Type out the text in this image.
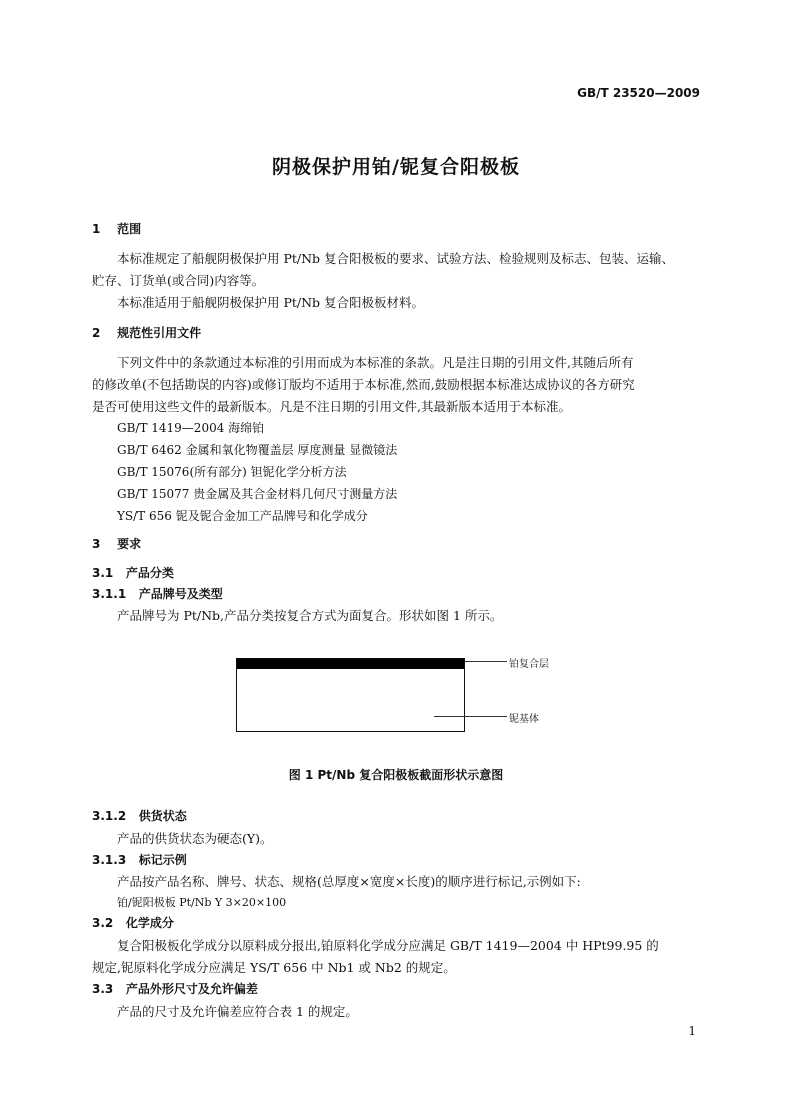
GB/T 23520—2009
阴极保护用铂/铌复合阳极板
1 范围
本标准规定了船舰阴极保护用 Pt/Nb 复合阳极板的要求、试验方法、检验规则及标志、包装、运输、
贮存、订货单(或合同)内容等。
本标准适用于船舰阴极保护用 Pt/Nb 复合阳极板材料。
2 规范性引用文件
下列文件中的条款通过本标准的引用而成为本标准的条款。凡是注日期的引用文件,其随后所有
的修改单(不包括勘误的内容)或修订版均不适用于本标准,然而,鼓励根据本标准达成协议的各方研究
是否可使用这些文件的最新版本。凡是不注日期的引用文件,其最新版本适用于本标准。
GB/T 1419—2004 海绵铂
GB/T 6462 金属和氧化物覆盖层 厚度测量 显微镜法
GB/T 15076(所有部分) 钽铌化学分析方法
GB/T 15077 贵金属及其合金材料几何尺寸测量方法
YS/T 656 铌及铌合金加工产品牌号和化学成分
3 要求
3.1 产品分类
3.1.1 产品牌号及类型
产品牌号为 Pt/Nb,产品分类按复合方式为面复合。形状如图 1 所示。
铂复合层
铌基体
图 1 Pt/Nb 复合阳极板截面形状示意图
3.1.2 供货状态
产品的供货状态为硬态(Y)。
3.1.3 标记示例
产品按产品名称、牌号、状态、规格(总厚度×宽度×长度)的顺序进行标记,示例如下:
铂/铌阳极板 Pt/Nb Y 3×20×100
3.2 化学成分
复合阳极板化学成分以原料成分报出,铂原料化学成分应满足 GB/T 1419—2004 中 HPt99.95 的
规定,铌原料化学成分应满足 YS/T 656 中 Nb1 或 Nb2 的规定。
3.3 产品外形尺寸及允许偏差
产品的尺寸及允许偏差应符合表 1 的规定。
1
